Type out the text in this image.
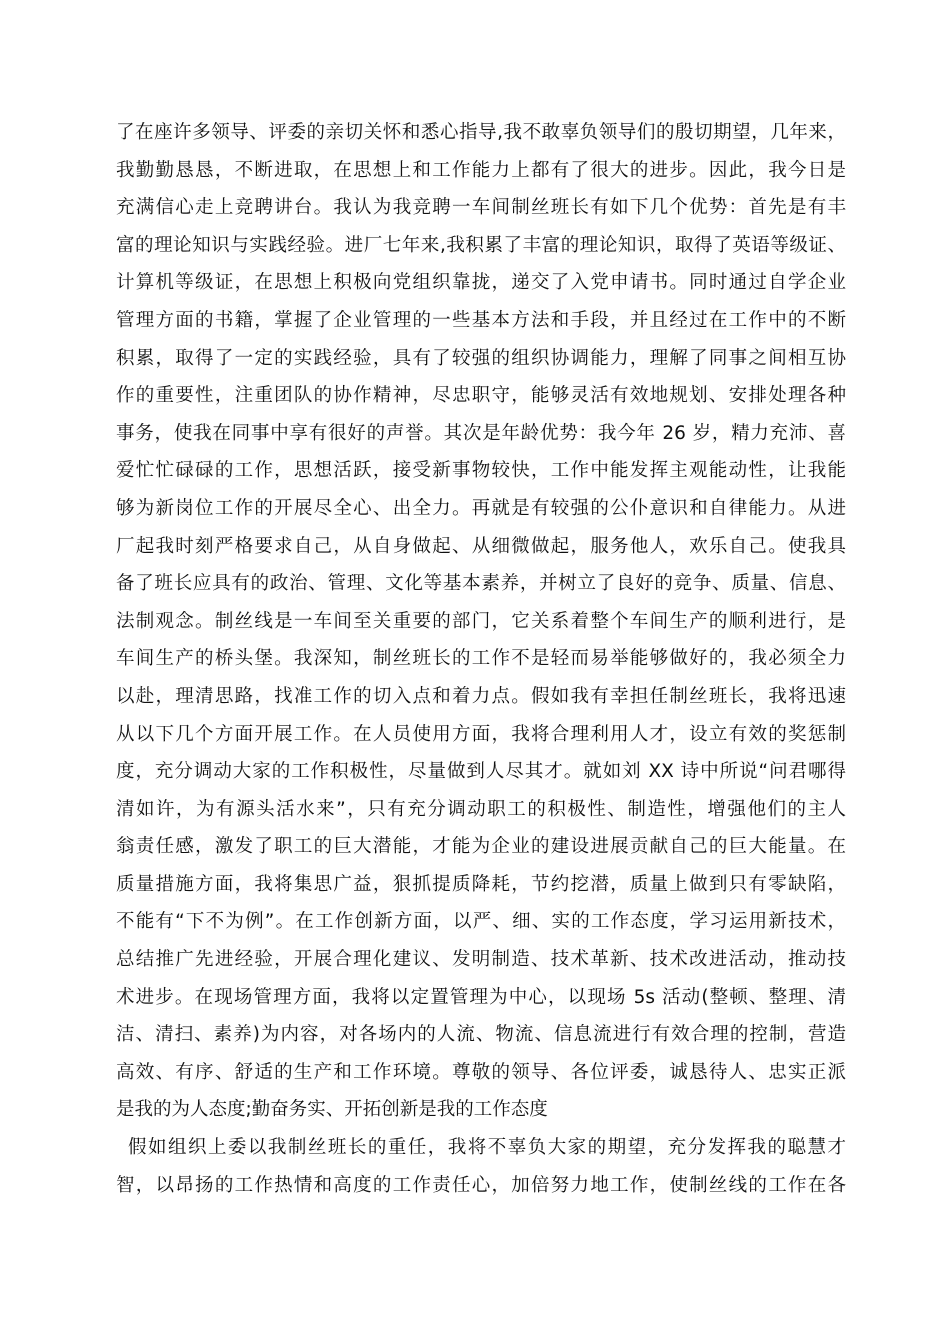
了在座许多领导、评委的亲切关怀和悉心指导,我不敢辜负领导们的殷切期望，几年来，
我勤勤恳恳，不断进取，在思想上和工作能力上都有了很大的进步。因此，我今日是
充满信心走上竞聘讲台。我认为我竞聘一车间制丝班长有如下几个优势：首先是有丰
富的理论知识与实践经验。进厂七年来,我积累了丰富的理论知识，取得了英语等级证、
计算机等级证，在思想上积极向党组织靠拢，递交了入党申请书。同时通过自学企业
管理方面的书籍，掌握了企业管理的一些基本方法和手段，并且经过在工作中的不断
积累，取得了一定的实践经验，具有了较强的组织协调能力，理解了同事之间相互协
作的重要性，注重团队的协作精神，尽忠职守，能够灵活有效地规划、安排处理各种
事务，使我在同事中享有很好的声誉。其次是年龄优势：我今年 26 岁，精力充沛、喜
爱忙忙碌碌的工作，思想活跃，接受新事物较快，工作中能发挥主观能动性，让我能
够为新岗位工作的开展尽全心、出全力。再就是有较强的公仆意识和自律能力。从进
厂起我时刻严格要求自己，从自身做起、从细微做起，服务他人，欢乐自己。使我具
备了班长应具有的政治、管理、文化等基本素养，并树立了良好的竞争、质量、信息、
法制观念。制丝线是一车间至关重要的部门，它关系着整个车间生产的顺利进行，是
车间生产的桥头堡。我深知，制丝班长的工作不是轻而易举能够做好的，我必须全力
以赴，理清思路，找准工作的切入点和着力点。假如我有幸担任制丝班长，我将迅速
从以下几个方面开展工作。在人员使用方面，我将合理利用人才，设立有效的奖惩制
度，充分调动大家的工作积极性，尽量做到人尽其才。就如刘 XX 诗中所说“问君哪得
清如许，为有源头活水来”，只有充分调动职工的积极性、制造性，增强他们的主人
翁责任感，激发了职工的巨大潜能，才能为企业的建设进展贡献自己的巨大能量。在
质量措施方面，我将集思广益，狠抓提质降耗，节约挖潜，质量上做到只有零缺陷，
不能有“下不为例”。在工作创新方面，以严、细、实的工作态度，学习运用新技术，
总结推广先进经验，开展合理化建议、发明制造、技术革新、技术改进活动，推动技
术进步。在现场管理方面，我将以定置管理为中心，以现场 5s 活动(整顿、整理、清
洁、清扫、素养)为内容，对各场内的人流、物流、信息流进行有效合理的控制，营造
高效、有序、舒适的生产和工作环境。尊敬的领导、各位评委，诚恳待人、忠实正派
是我的为人态度;勤奋务实、开拓创新是我的工作态度
假如组织上委以我制丝班长的重任，我将不辜负大家的期望，充分发挥我的聪慧才
智，以昂扬的工作热情和高度的工作责任心，加倍努力地工作，使制丝线的工作在各
